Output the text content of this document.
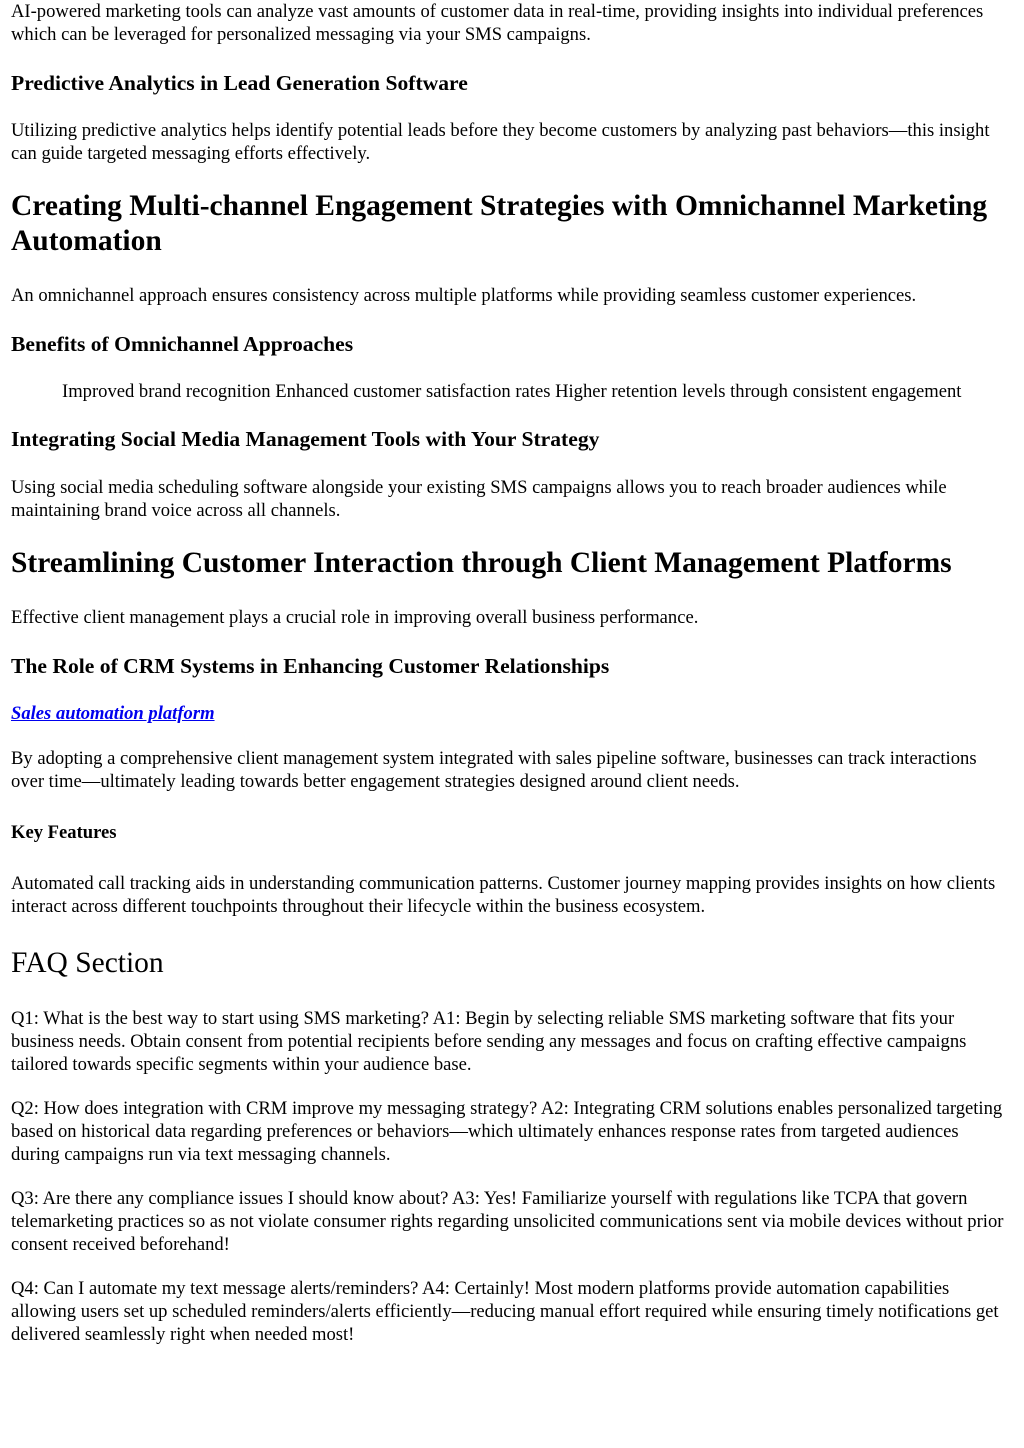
AI-powered marketing tools can analyze vast amounts of customer data in real-time, providing insights into individual preferences which can be leveraged for personalized messaging via your SMS campaigns.

Predictive Analytics in Lead Generation Software

Utilizing predictive analytics helps identify potential leads before they become customers by analyzing past behaviors—this insight can guide targeted messaging efforts effectively.

Creating Multi-channel Engagement Strategies with Omnichannel Marketing Automation

An omnichannel approach ensures consistency across multiple platforms while providing seamless customer experiences.

Benefits of Omnichannel Approaches
Improved brand recognition Enhanced customer satisfaction rates Higher retention levels through consistent engagement
Integrating Social Media Management Tools with Your Strategy

Using social media scheduling software alongside your existing SMS campaigns allows you to reach broader audiences while maintaining brand voice across all channels.

Streamlining Customer Interaction through Client Management Platforms

Effective client management plays a crucial role in improving overall business performance.

The Role of CRM Systems in Enhancing Customer Relationships

Sales automation platform

By adopting a comprehensive client management system integrated with sales pipeline software, businesses can track interactions over time—ultimately leading towards better engagement strategies designed around client needs.

Key Features

Automated call tracking aids in understanding communication patterns. Customer journey mapping provides insights on how clients interact across different touchpoints throughout their lifecycle within the business ecosystem.

FAQ Section

Q1: What is the best way to start using SMS marketing? A1: Begin by selecting reliable SMS marketing software that fits your business needs. Obtain consent from potential recipients before sending any messages and focus on crafting effective campaigns tailored towards specific segments within your audience base.

Q2: How does integration with CRM improve my messaging strategy? A2: Integrating CRM solutions enables personalized targeting based on historical data regarding preferences or behaviors—which ultimately enhances response rates from targeted audiences during campaigns run via text messaging channels.

Q3: Are there any compliance issues I should know about? A3: Yes! Familiarize yourself with regulations like TCPA that govern telemarketing practices so as not violate consumer rights regarding unsolicited communications sent via mobile devices without prior consent received beforehand!

Q4: Can I automate my text message alerts/reminders? A4: Certainly! Most modern platforms provide automation capabilities allowing users set up scheduled reminders/alerts efficiently—reducing manual effort required while ensuring timely notifications get delivered seamlessly right when needed most!
